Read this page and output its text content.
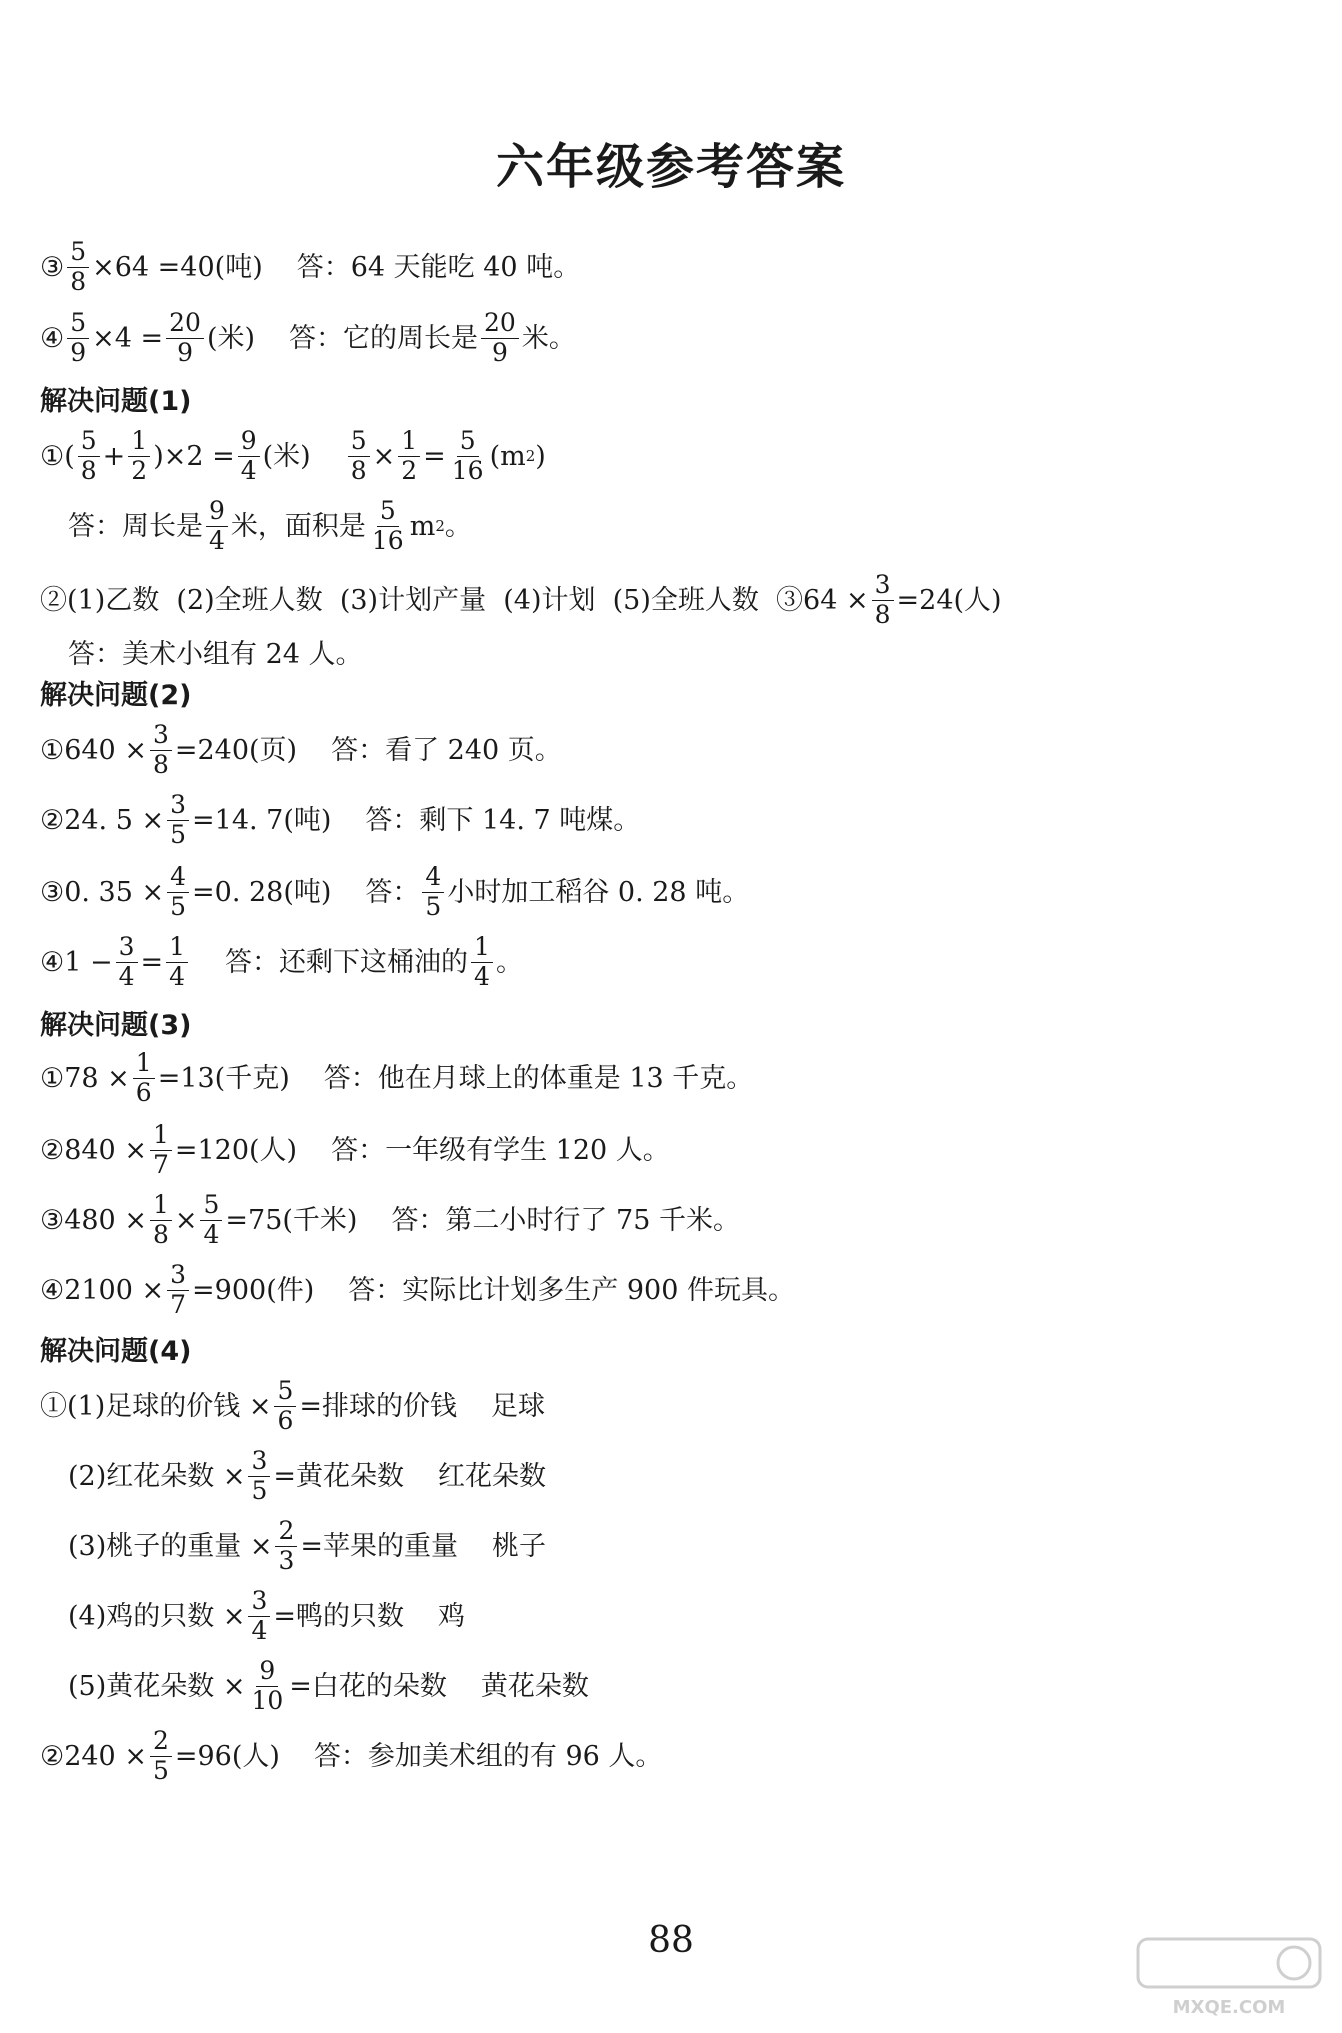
六年级参考答案
③ $\frac{5}{8} \times 64 =40$(吨) 答：64 天能吃 40 吨。
④ $\frac{5}{9} \times 4 = \frac{20}{9}$ (米) 答：它的周长是 $\frac{20}{9}$ 米。
解决问题(1)
①( $\frac{5}{8} + \frac{1}{2} )\times 2 = \frac{9}{4}$ (米) $\frac{5}{8} \times \frac{1}{2} = \frac{5}{16} (m$ 2 )
答：周长是 $\frac{9}{4}$ 米，面积是 $\frac{5}{16}$ m 2 。
②(1)乙数  (2)全班人数  (3)计划产量  (4)计划  (5)全班人数  ③64 × $\frac{3}{8} =24$(人)
答：美术小组有 24 人。
解决问题(2)
①640 × $\frac{3}{8} =240$(页) 答：看了 240 页。
②24. $5 \times \frac{3}{5} =14$. 7(吨) 答：剩下 14. 7 吨煤。
③0. $35 \times \frac{4}{5} =0$. 28(吨) 答： $\frac{4}{5}$ 小时加工稻谷 0. 28 吨。
④1 − $\frac{3}{4} = \frac{1}{4}$ 答：还剩下这桶油的 $\frac{1}{4}$ 。
解决问题(3)
①78 × $\frac{1}{6} =13$(千克) 答：他在月球上的体重是 13 千克。
②840 × $\frac{1}{7} =120$(人) 答：一年级有学生 120 人。
③480 × $\frac{1}{8} \times \frac{5}{4} =75$(千米) 答：第二小时行了 75 千米。
④2100 × $\frac{3}{7} =900$(件) 答：实际比计划多生产 900 件玩具。
解决问题(4)
①(1)足球的价钱 × $\frac{5}{6}$ =排球的价钱 足球
(2)红花朵数 × $\frac{3}{5}$ =黄花朵数 红花朵数
(3)桃子的重量 × $\frac{2}{3}$ =苹果的重量 桃子
(4)鸡的只数 × $\frac{3}{4}$ =鸭的只数 鸡
(5)黄花朵数 × $\frac{9}{10}$ =白花的朵数 黄花朵数
②240 × $\frac{2}{5} =96$(人) 答：参加美术组的有 96 人。
88
MXQE.COM
